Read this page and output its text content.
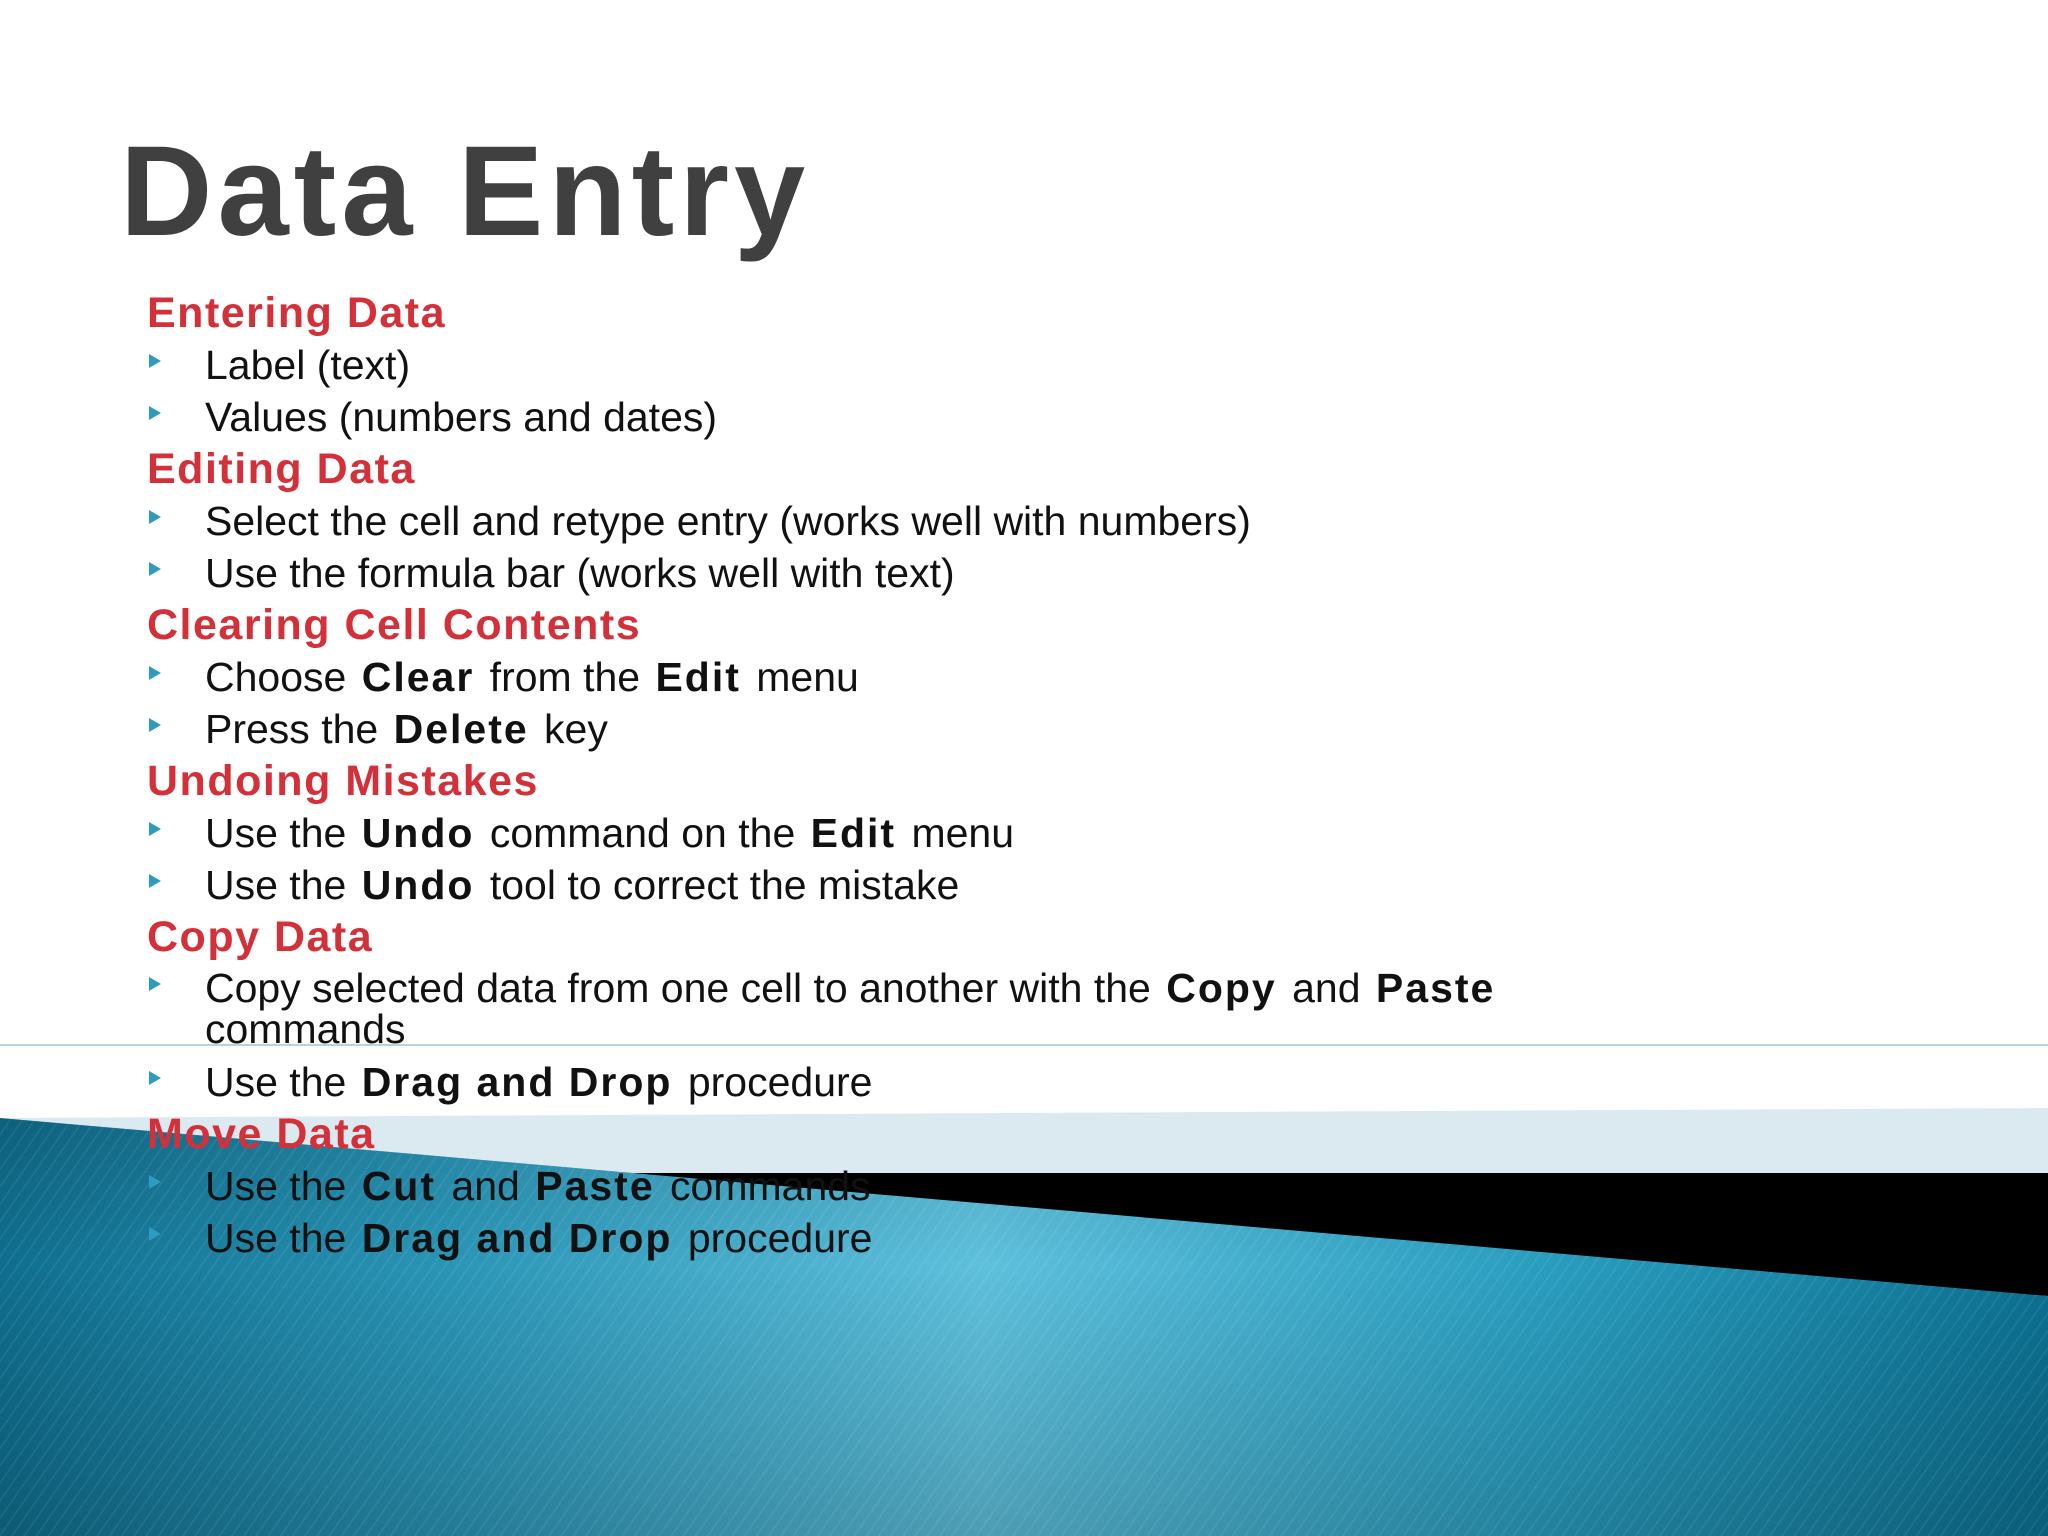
Data Entry
Entering Data
Label (text)
Values (numbers and dates)
Editing Data
Select the cell and retype entry (works well with numbers)
Use the formula bar (works well with text)
Clearing Cell Contents
Choose Clear from the Edit menu
Press the Delete key
Undoing Mistakes
Use the Undo command on the Edit menu
Use the Undo tool to correct the mistake
Copy Data
Copy selected data from one cell to another with the Copy and Paste commands
Use the Drag and Drop procedure
Move Data
Use the Cut and Paste commands
Use the Drag and Drop procedure
